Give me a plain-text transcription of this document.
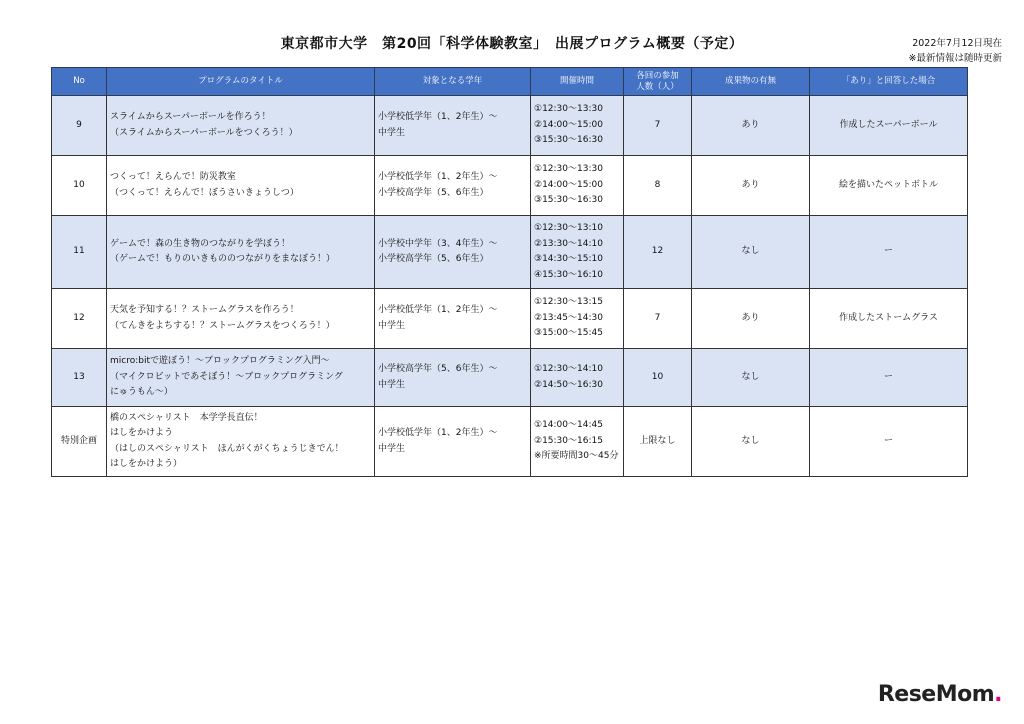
東京都市大学　第20回「科学体験教室」　出展プログラム概要（予定）	2022年7月12日現在
※最新情報は随時更新
No	プログラムのタイトル	対象となる学年	開催時間	各回の参加
人数（人）	成果物の有無	「あり」と回答した場合
9	スライムからスーパーボールを作ろう！
（スライムからスーパーボールをつくろう！）	小学校低学年（1、2年生）～
中学生	①12:30～13:30
②14:00～15:00
③15:30～16:30	7	あり	作成したスーパーボール
10	つくって！えらんで！防災教室
（つくって！えらんで！ぼうさいきょうしつ）	小学校低学年（1、2年生）～
小学校高学年（5、6年生）	①12:30～13:30
②14:00～15:00
③15:30～16:30	8	あり	絵を描いたペットボトル
11	ゲームで！森の生き物のつながりを学ぼう！
（ゲームで！もりのいきもののつながりをまなぼう！）	小学校中学年（3、4年生）～
小学校高学年（5、6年生）	①12:30～13:10
②13:30～14:10
③14:30～15:10
④15:30～16:10	12	なし	ー
12	天気を予知する！？ストームグラスを作ろう！
（てんきをよちする！？ストームグラスをつくろう！）	小学校低学年（1、2年生）～
中学生	①12:30～13:15
②13:45～14:30
③15:00～15:45	7	あり	作成したストームグラス
13	micro:bitで遊ぼう！～ブロックプログラミング入門～
（マイクロビットであそぼう！～ブロックプログラミング
にゅうもん～）	小学校高学年（5、6年生）～
中学生	①12:30～14:10
②14:50～16:30	10	なし	ー
特別企画	橋のスペシャリスト　本学学長直伝！
はしをかけよう
（はしのスペシャリスト　ほんがくがくちょうじきでん！
はしをかけよう）	小学校低学年（1、2年生）～
中学生	①14:00～14:45
②15:30～16:15
※所要時間30～45分	上限なし	なし	ー
ReseMom.
